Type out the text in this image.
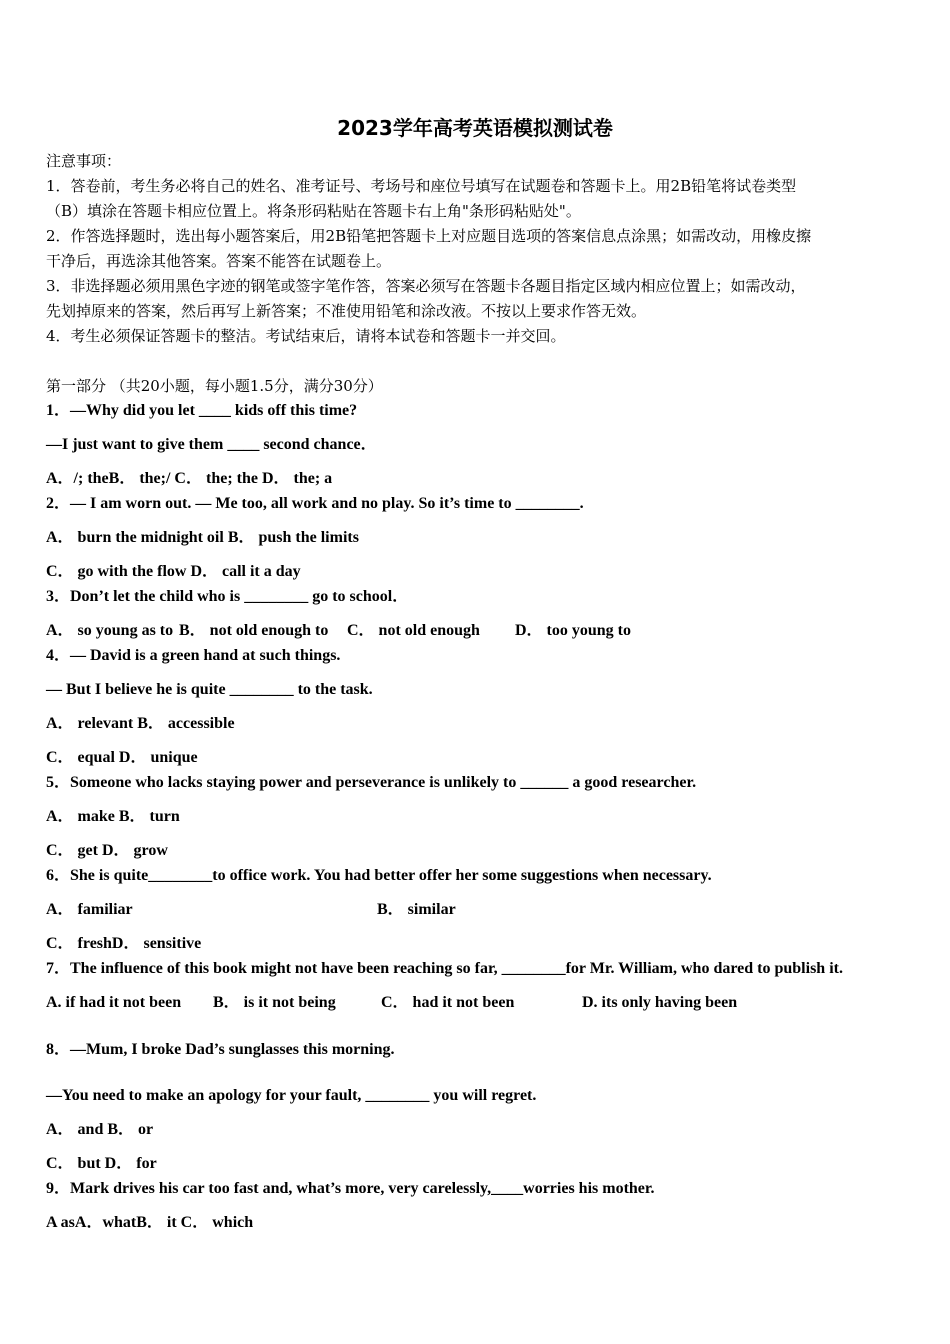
2023学年高考英语模拟测试卷
注意事项：
1．答卷前，考生务必将自己的姓名、准考证号、考场号和座位号填写在试题卷和答题卡上。用2B铅笔将试卷类型
（B）填涂在答题卡相应位置上。将条形码粘贴在答题卡右上角"条形码粘贴处"。
2．作答选择题时，选出每小题答案后，用2B铅笔把答题卡上对应题目选项的答案信息点涂黑；如需改动，用橡皮擦
干净后，再选涂其他答案。答案不能答在试题卷上。
3．非选择题必须用黑色字迹的钢笔或签字笔作答，答案必须写在答题卡各题目指定区域内相应位置上；如需改动，
先划掉原来的答案，然后再写上新答案；不准使用铅笔和涂改液。不按以上要求作答无效。
4．考生必须保证答题卡的整洁。考试结束后，请将本试卷和答题卡一并交回。
第一部分 （共20小题，每小题1.5分，满分30分）
1．—Why did you let ____ kids off this time?
—I just want to give them ____ second chance．
A．/; theB． the;/ C． the; the D． the; a
2．— I am worn out. — Me too, all work and no play. So it’s time to ________.
A． burn the midnight oil B． push the limits
C． go with the flow D． call it a day
3．Don’t let the child who is ________ go to school．
A． so young as to B． not old enough to C． not old enough D． too young to
4．— David is a green hand at such things.
— But I believe he is quite ________ to the task.
A． relevant B． accessible
C． equal D． unique
5．Someone who lacks staying power and perseverance is unlikely to ______ a good researcher.
A． make B． turn
C． get D． grow
6．She is quite________to office work. You had better offer her some suggestions when necessary.
A． familiar	B． similar
C． freshD． sensitive
7．The influence of this book might not have been reaching so far, ________for Mr. William, who dared to publish it.
A. if had it not been B． is it not being	C． had it not been	D. its only having been
8．—Mum, I broke Dad’s sunglasses this morning.
—You need to make an apology for your fault, ________ you will regret.
A． and B． or
C． but D． for
9．Mark drives his car too fast and, what’s more, very carelessly,____worries his mother.
A asA．whatB． it C． which
